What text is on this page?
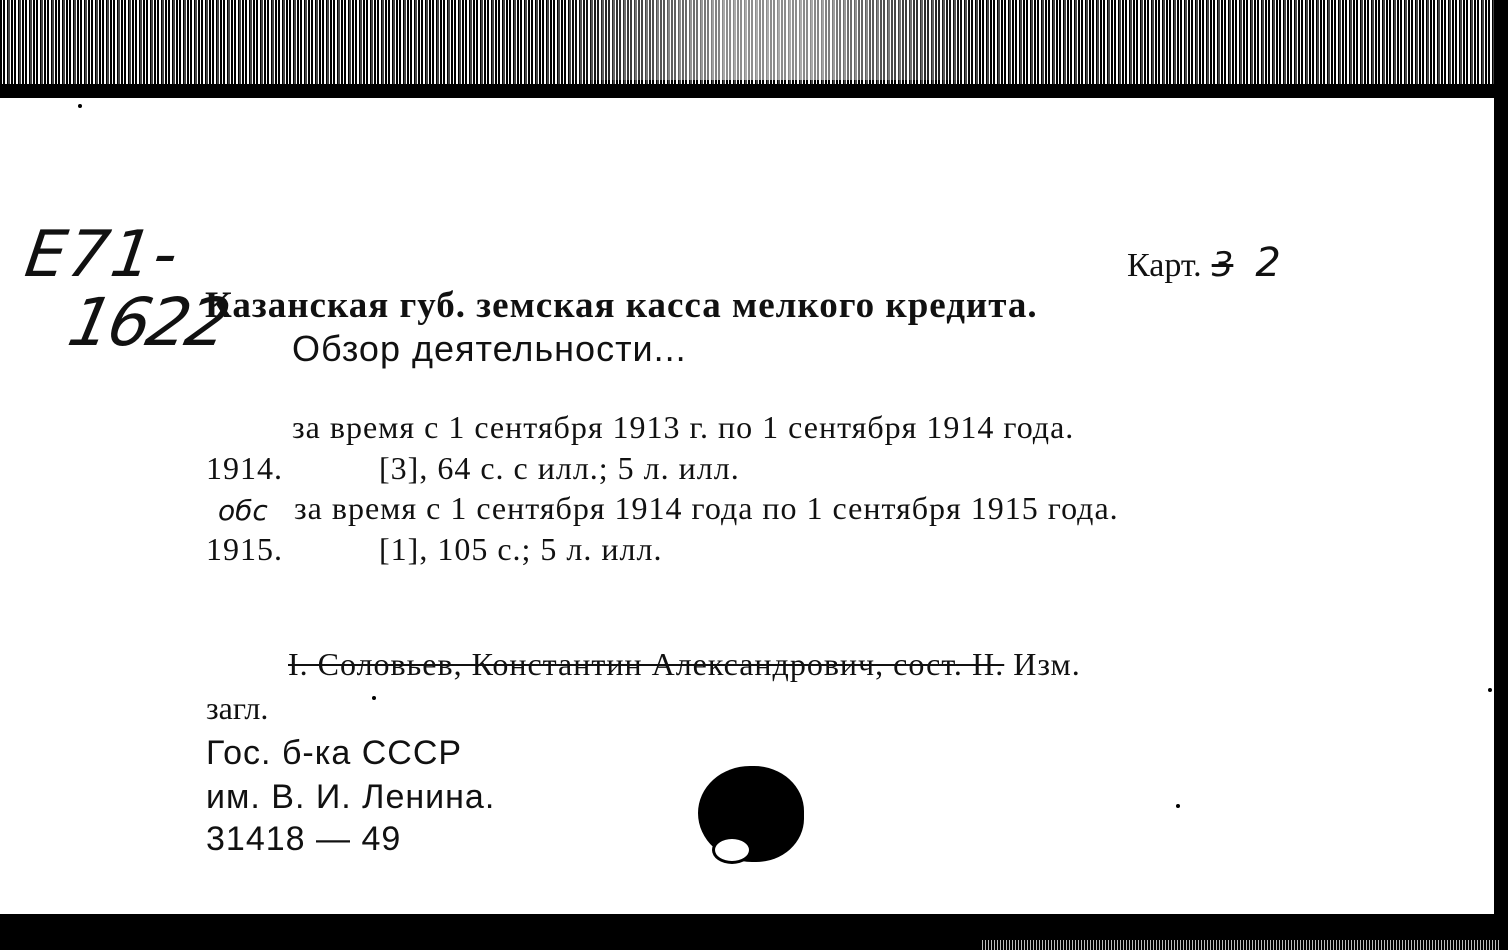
E71-
1622
Карт. 3 2
Казанская губ. земская касса мелкого кредита.
Обзор деятельности...
за время с 1 сентября 1913 г. по 1 сентября 1914 года.
1914.	[3], 64 с. с илл.; 5 л. илл.
обс за время с 1 сентября 1914 года по 1 сентября 1915 года.
1915.	[1], 105 с.; 5 л. илл.
I. Соловьев, Константин Александрович, сост. II. Изм.
загл.
Гос. б-ка СССР
им. В. И. Ленина.
31418 — 49
